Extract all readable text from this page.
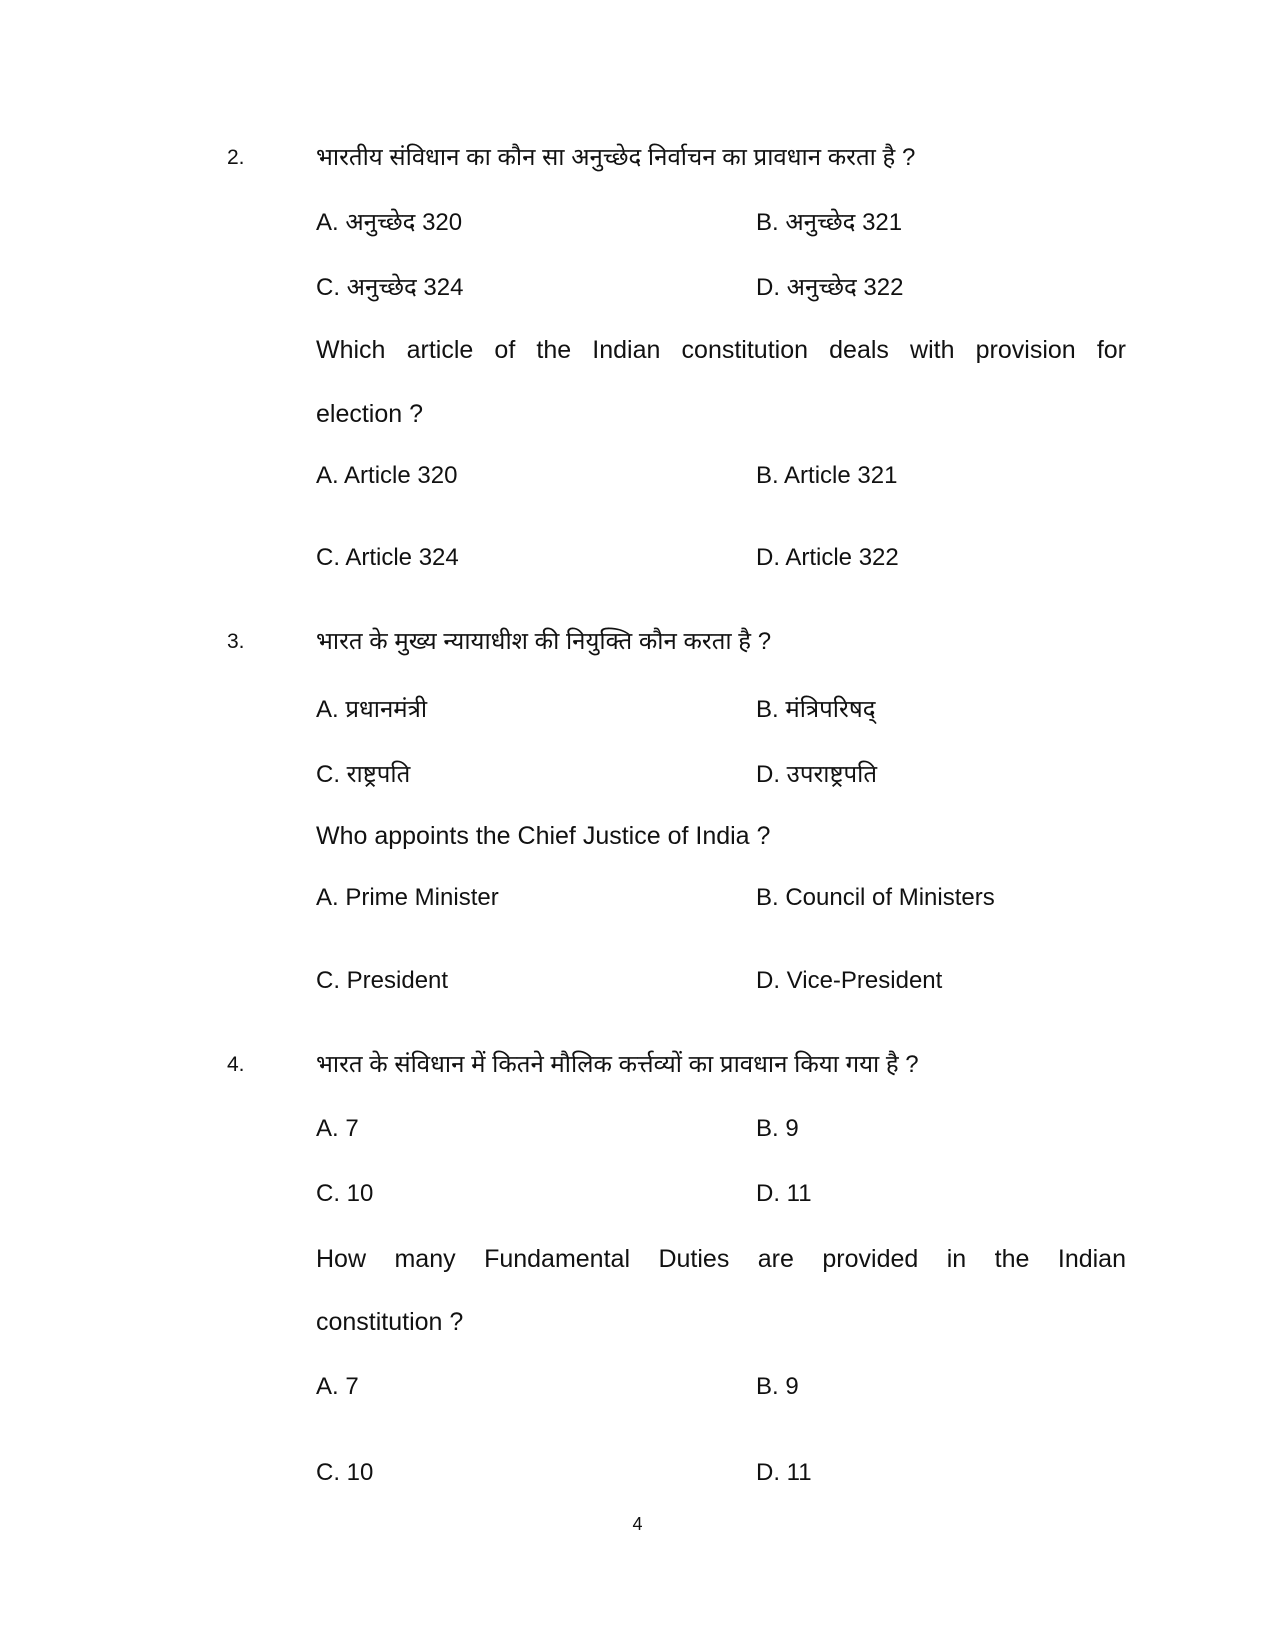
2.	भारतीय संविधान का कौन सा अनुच्छेद निर्वाचन का प्रावधान करता है ?
A. अनुच्छेद 320	B. अनुच्छेद 321
C. अनुच्छेद 324	D. अनुच्छेद 322
Which article of the Indian constitution deals with provision for
election ?
A. Article 320	B. Article 321
C. Article 324	D. Article 322
3.	भारत के मुख्य न्यायाधीश की नियुक्ति कौन करता है ?
A. प्रधानमंत्री	B. मंत्रिपरिषद्
C. राष्ट्रपति	D. उपराष्ट्रपति
Who appoints the Chief Justice of India ?
A. Prime Minister	B. Council of Ministers
C. President	D. Vice-President
4.	भारत के संविधान में कितने मौलिक कर्त्तव्यों का प्रावधान किया गया है ?
A. 7	B. 9
C. 10	D. 11
How many Fundamental Duties are provided in the Indian
constitution ?
A. 7	B. 9
C. 10	D. 11
4
